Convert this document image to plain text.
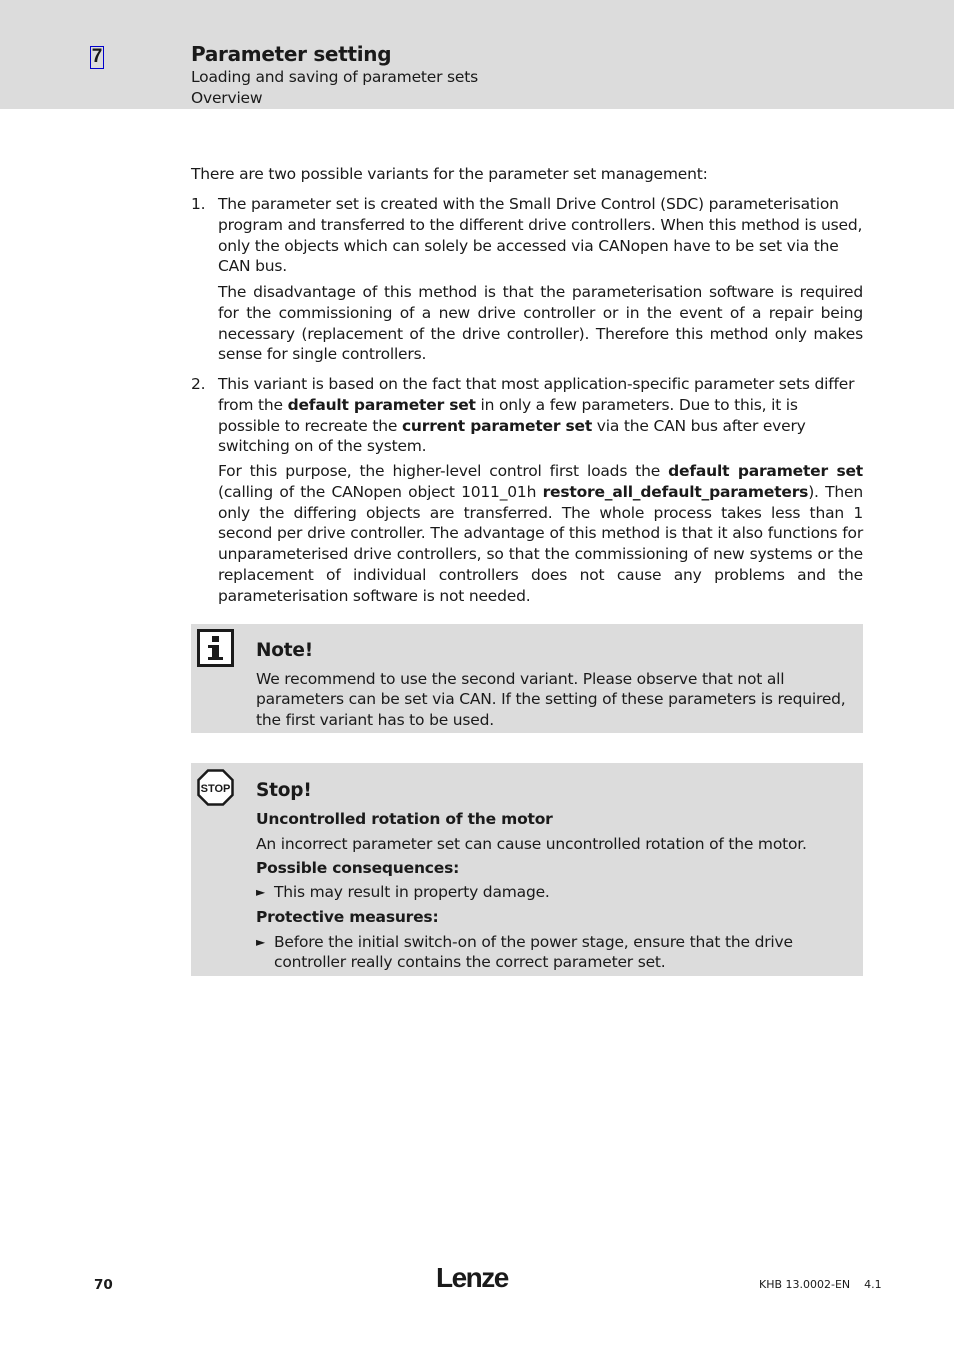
7	Parameter setting
Loading and saving of parameter sets
Overview
There are two possible variants for the parameter set management:
1. The parameter set is created with the Small Drive Control (SDC) parameterisation program and transferred to the different drive controllers. When this method is used, only the objects which can solely be accessed via CANopen have to be set via the CAN bus.
The disadvantage of this method is that the parameterisation software is required for the commissioning of a new drive controller or in the event of a repair being necessary (replacement of the drive controller). Therefore this method only makes sense for single controllers.
2. This variant is based on the fact that most application-specific parameter sets differ from the default parameter set in only a few parameters. Due to this, it is possible to recreate the current parameter set via the CAN bus after every switching on of the system.
For this purpose, the higher-level control first loads the default parameter set (calling of the CANopen object 1011_01h restore_all_default_parameters). Then only the differing objects are transferred. The whole process takes less than 1 second per drive controller. The advantage of this method is that it also functions for unparameterised drive controllers, so that the commissioning of new systems or the replacement of individual controllers does not cause any problems and the parameterisation software is not needed.
Note!
We recommend to use the second variant. Please observe that not all parameters can be set via CAN. If the setting of these parameters is required, the first variant has to be used.
STOP Stop!
Uncontrolled rotation of the motor
An incorrect parameter set can cause uncontrolled rotation of the motor.
Possible consequences:
► This may result in property damage.
Protective measures:
► Before the initial switch-on of the power stage, ensure that the drive controller really contains the correct parameter set.
70	Lenze	KHB 13.0002-EN    4.1
